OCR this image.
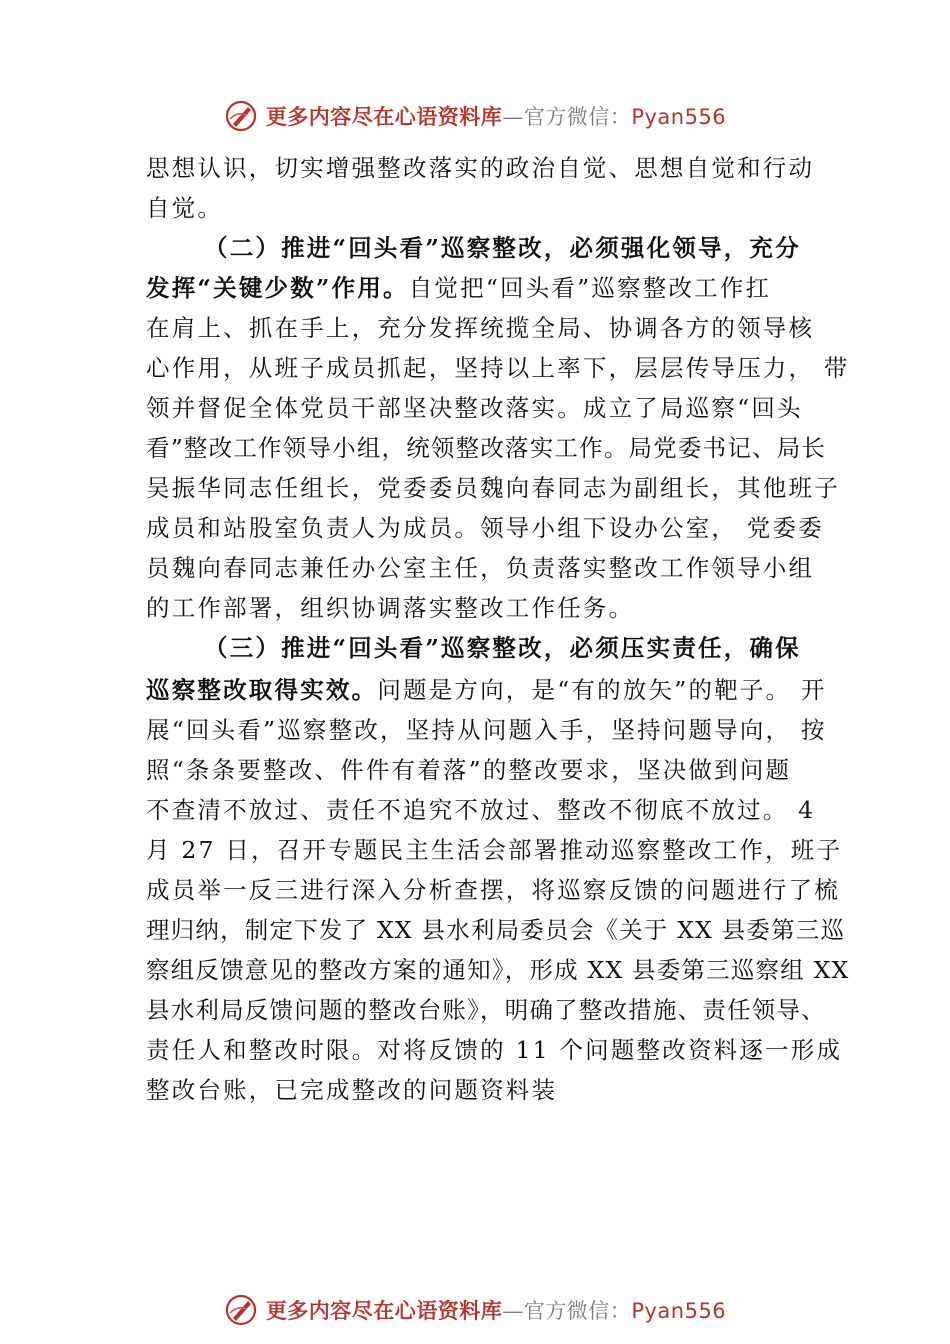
更多内容尽在心语资料库—官方微信：Pyan556
思想认识，切实增强整改落实的政治自觉、思想自觉和行动
自觉。
（二）推进“回头看”巡察整改，必须强化领导，充分
发挥“关键少数”作用。自觉把“回头看”巡察整改工作扛
在肩上、抓在手上，充分发挥统揽全局、协调各方的领导核
心作用，从班子成员抓起，坚持以上率下，层层传导压力， 带
领并督促全体党员干部坚决整改落实。成立了局巡察“回头
看”整改工作领导小组，统领整改落实工作。局党委书记、局长
吴振华同志任组长，党委委员魏向春同志为副组长，其他班子
成员和站股室负责人为成员。领导小组下设办公室， 党委委
员魏向春同志兼任办公室主任，负责落实整改工作领导小组
的工作部署，组织协调落实整改工作任务。
（三）推进“回头看”巡察整改，必须压实责任，确保
巡察整改取得实效。问题是方向，是“有的放矢”的靶子。 开
展“回头看”巡察整改，坚持从问题入手，坚持问题导向， 按
照“条条要整改、件件有着落”的整改要求，坚决做到问题
不查清不放过、责任不追究不放过、整改不彻底不放过。 4
月 27 日，召开专题民主生活会部署推动巡察整改工作，班子
成员举一反三进行深入分析查摆，将巡察反馈的问题进行了梳
理归纳，制定下发了 XX 县水利局委员会《关于 XX 县委第三巡
察组反馈意见的整改方案的通知》，形成 XX 县委第三巡察组 XX
县水利局反馈问题的整改台账》，明确了整改措施、责任领导、
责任人和整改时限。对将反馈的 11 个问题整改资料逐一形成
整改台账，已完成整改的问题资料装
更多内容尽在心语资料库—官方微信：Pyan556
